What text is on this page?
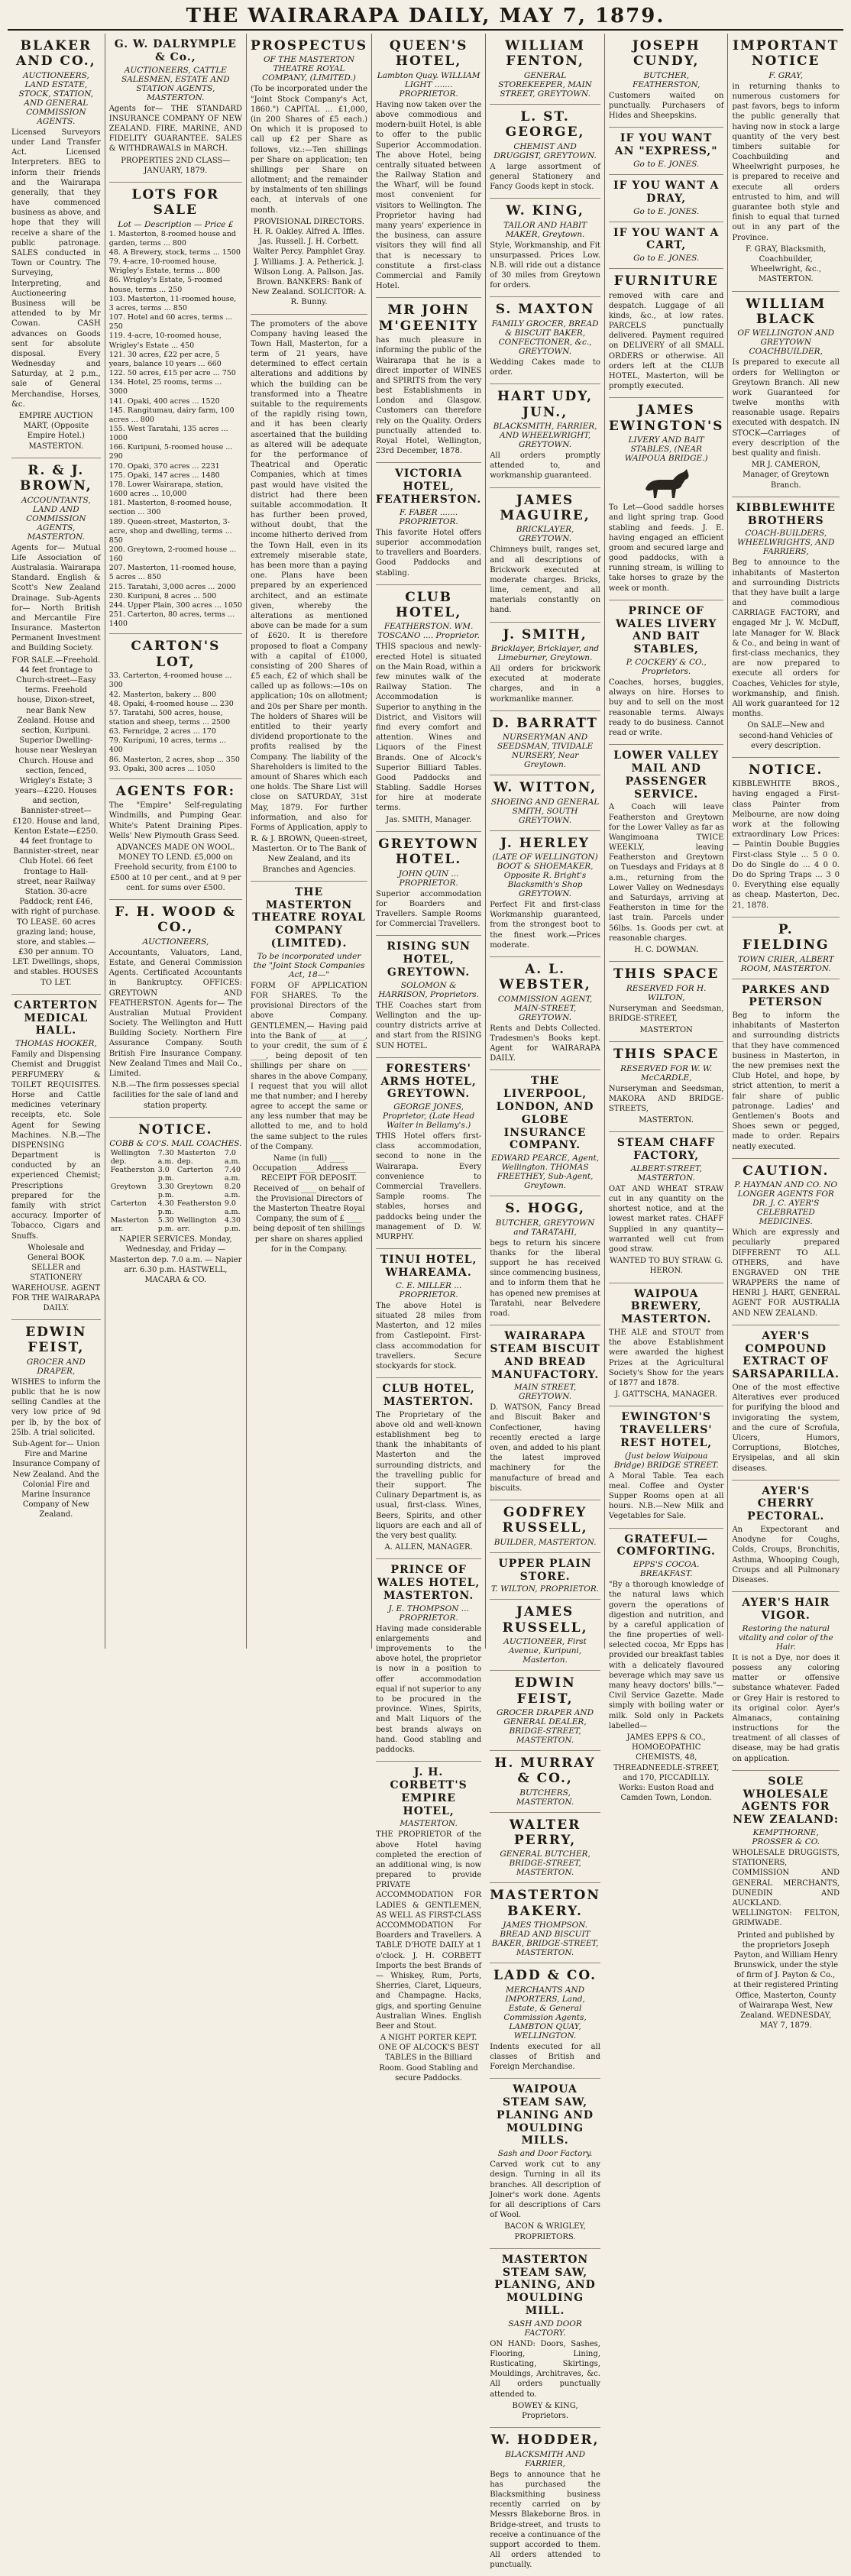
THE WAIRARAPA DAILY, MAY 7, 1879.
BLAKER AND CO.,
AUCTIONEERS, LAND ESTATE, STOCK, STATION, AND GENERAL COMMISSION AGENTS.
Licensed Surveyors under Land Transfer Act. Licensed Interpreters. BEG to inform their friends and the Wairarapa generally, that they have commenced business as above, and hope that they will receive a share of the public patronage. SALES conducted in Town or Country. The Surveying, Interpreting, and Auctioneering Business will be attended to by Mr Cowan. CASH advances on Goods sent for absolute disposal. Every Wednesday and Saturday, at 2 p.m., sale of General Merchandise, Horses, &c.
EMPIRE AUCTION MART, (Opposite Empire Hotel.) MASTERTON.
R. & J. BROWN,
ACCOUNTANTS, LAND AND COMMISSION AGENTS, MASTERTON.
Agents for— Mutual Life Association of Australasia. Wairarapa Standard. English & Scott's New Zealand Drainage. Sub-Agents for— North British and Mercantile Fire Insurance. Masterton Permanent Investment and Building Society.
FOR SALE.—Freehold. 44 feet frontage to Church-street—Easy terms. Freehold house, Dixon-street, near Bank New Zealand. House and section, Kuripuni. Superior Dwelling-house near Wesleyan Church. House and section, fenced, Wrigley's Estate; 3 years—£220. Houses and section, Bannister-street—£120. House and land, Kenton Estate—£250. 44 feet frontage to Bannister-street, near Club Hotel. 66 feet frontage to Hall-street, near Railway Station. 30-acre Paddock; rent £46, with right of purchase. TO LEASE. 60 acres grazing land; house, store, and stables.—£30 per annum. TO LET. Dwellings, shops, and stables. HOUSES TO LET.
CARTERTON MEDICAL HALL.
THOMAS HOOKER,
Family and Dispensing Chemist and Druggist PERFUMERY & TOILET REQUISITES. Horse and Cattle medicines veterinary receipts, etc. Sole Agent for Sewing Machines. N.B.—The DISPENSING Department is conducted by an experienced Chemist; Prescriptions prepared for the family with strict accuracy. Importer of Tobacco, Cigars and Snuffs.
Wholesale and General BOOK SELLER and STATIONERY WAREHOUSE. AGENT FOR THE WAIRARAPA DAILY.
EDWIN FEIST,
GROCER AND DRAPER,
WISHES to inform the public that he is now selling Candles at the very low price of 9d per lb, by the box of 25lb. A trial solicited.
Sub-Agent for— Union Fire and Marine Insurance Company of New Zealand. And the Colonial Fire and Marine Insurance Company of New Zealand.
G. W. DALRYMPLE & Co.,
AUCTIONEERS, CATTLE SALESMEN, ESTATE AND STATION AGENTS, MASTERTON.
Agents for— THE STANDARD INSURANCE COMPANY OF NEW ZEALAND. FIRE, MARINE, AND FIDELITY GUARANTEE. SALES & WITHDRAWALS in MARCH.
PROPERTIES 2ND CLASS—JANUARY, 1879.
LOTS FOR SALE
Lot — Description — Price £
1. Masterton, 8-roomed house and garden, terms ... 800
48. A Brewery, stock, terms ... 1500
79. 4-acre, 10-roomed house, Wrigley's Estate, terms ... 800
86. Wrigley's Estate, 5-roomed house, terms ... 250
103. Masterton, 11-roomed house, 3 acres, terms ... 850
107. Hotel and 60 acres, terms ... 250
119. 4-acre, 10-roomed house, Wrigley's Estate ... 450
121. 30 acres, £22 per acre, 5 years, balance 10 years ... 660
122. 50 acres, £15 per acre ... 750
134. Hotel, 25 rooms, terms ... 3000
141. Opaki, 400 acres ... 1520
145. Rangitumau, dairy farm, 100 acres ... 800
155. West Taratahi, 135 acres ... 1000
166. Kuripuni, 5-roomed house ... 290
170. Opaki, 370 acres ... 2231
175. Opaki, 147 acres ... 1480
178. Lower Wairarapa, station, 1600 acres ... 10,000
181. Masterton, 8-roomed house, section ... 300
189. Queen-street, Masterton, 3-acre, shop and dwelling, terms ... 850
200. Greytown, 2-roomed house ... 160
207. Masterton, 11-roomed house, 5 acres ... 850
215. Taratahi, 3,000 acres ... 2000
230. Kuripuni, 8 acres ... 500
244. Upper Plain, 300 acres ... 1050
251. Carterton, 80 acres, terms ... 1400
CARTON'S LOT,
33. Carterton, 4-roomed house ... 300
42. Masterton, bakery ... 800
48. Opaki, 4-roomed house ... 230
57. Taratahi, 500 acres, house, station and sheep, terms ... 2500
63. Fernridge, 2 acres ... 170
79. Kuripuni, 10 acres, terms ... 400
86. Masterton, 2 acres, shop ... 350
93. Opaki, 300 acres ... 1050
AGENTS FOR:
The "Empire" Self-regulating Windmills, and Pumping Gear. White's Patent Draining Pipes. Wells' New Plymouth Grass Seed.
ADVANCES MADE ON WOOL. MONEY TO LEND. £5,000 on Freehold security, from £100 to £500 at 10 per cent., and at 9 per cent. for sums over £500.
F. H. WOOD & CO.,
AUCTIONEERS,
Accountants, Valuators, Land, Estate, and General Commission Agents. Certificated Accountants in Bankruptcy. OFFICES: GREYTOWN AND FEATHERSTON. Agents for— The Australian Mutual Provident Society. The Wellington and Hutt Building Society. Northern Fire Assurance Company. South British Fire Insurance Company. New Zealand Times and Mail Co., Limited.
N.B.—The firm possesses special facilities for the sale of land and station property.
NOTICE.
COBB & CO'S. MAIL COACHES.
Wellington dep.	7.30 a.m.	Masterton dep.	7.0 a.m.
Featherston	3.0 p.m.	Carterton	7.40 a.m.
Greytown	3.30 p.m.	Greytown	8.20 a.m.
Carterton	4.30 p.m.	Featherston	9.0 a.m.
Masterton arr.	5.30 p.m.	Wellington arr.	4.30 p.m.
NAPIER SERVICES. Monday, Wednesday, and Friday — Masterton dep. 7.0 a.m. — Napier arr. 6.30 p.m. HASTWELL, MACARA & CO.
PROSPECTUS
OF THE MASTERTON THEATRE ROYAL COMPANY, (LIMITED.)
(To be incorporated under the "Joint Stock Company's Act, 1860.") CAPITAL ... £1,000, (in 200 Shares of £5 each.) On which it is proposed to call up £2 per Share as follows, viz.:—Ten shillings per Share on application; ten shillings per Share on allotment; and the remainder by instalments of ten shillings each, at intervals of one month.
PROVISIONAL DIRECTORS. H. R. Oakley. Alfred A. Iffles. Jas. Russell. J. H. Corbett. Walter Percy. Pamphlet Gray. J. Williams. J. A. Petherick. J. Wilson Long. A. Pallson. Jas. Brown. BANKERS: Bank of New Zealand. SOLICITOR: A. R. Bunny.
The promoters of the above Company having leased the Town Hall, Masterton, for a term of 21 years, have determined to effect certain alterations and additions by which the building can be transformed into a Theatre suitable to the requirements of the rapidly rising town, and it has been clearly ascertained that the building as altered will be adequate for the performance of Theatrical and Operatic Companies, which at times past would have visited the district had there been suitable accommodation. It has further been proved, without doubt, that the income hitherto derived from the Town Hall, even in its extremely miserable state, has been more than a paying one. Plans have been prepared by an experienced architect, and an estimate given, whereby the alterations as mentioned above can be made for a sum of £620. It is therefore proposed to float a Company with a capital of £1000, consisting of 200 Shares of £5 each, £2 of which shall be called up as follows:—10s on application; 10s on allotment; and 20s per Share per month. The holders of Shares will be entitled to their yearly dividend proportionate to the profits realised by the Company. The liability of the Shareholders is limited to the amount of Shares which each one holds. The Share List will close on SATURDAY, 31st May, 1879. For further information, and also for Forms of Application, apply to
R. & J. BROWN, Queen-street, Masterton. Or to The Bank of New Zealand, and its Branches and Agencies.
THE MASTERTON THEATRE ROYAL COMPANY (LIMITED).
To be incorporated under the "Joint Stock Companies Act, 18—"
FORM OF APPLICATION FOR SHARES. To the provisional Directors of the above Company. GENTLEMEN,— Having paid into the Bank of ____ at ____, to your credit, the sum of £ ____, being deposit of ten shillings per share on ____ shares in the above Company, I request that you will allot me that number; and I hereby agree to accept the same or any less number that may be allotted to me, and to hold the same subject to the rules of the Company.
Name (in full) ____ Occupation ____ Address ____ RECEIPT FOR DEPOSIT. Received of ____ on behalf of the Provisional Directors of the Masterton Theatre Royal Company, the sum of £ ____ being deposit of ten shillings per share on shares applied for in the Company.
QUEEN'S HOTEL,
Lambton Quay. WILLIAM LIGHT ....... PROPRIETOR.
Having now taken over the above commodious and modern-built Hotel, is able to offer to the public Superior Accommodation. The above Hotel, being centrally situated between the Railway Station and the Wharf, will be found most convenient for visitors to Wellington. The Proprietor having had many years' experience in the business, can assure visitors they will find all that is necessary to constitute a first-class Commercial and Family Hotel.
MR JOHN M'GEENITY
has much pleasure in informing the public of the Wairarapa that he is a direct importer of WINES and SPIRITS from the very best Establishments in London and Glasgow. Customers can therefore rely on the Quality. Orders punctually attended to. Royal Hotel, Wellington, 23rd December, 1878.
VICTORIA HOTEL, FEATHERSTON.
F. FABER ....... PROPRIETOR.
This favorite Hotel offers superior accommodation to travellers and Boarders. Good Paddocks and stabling.
CLUB HOTEL,
FEATHERSTON. WM. TOSCANO .... Proprietor.
THIS spacious and newly-erected Hotel is situated on the Main Road, within a few minutes walk of the Railway Station. The Accommodation is Superior to anything in the District, and Visitors will find every comfort and attention. Wines and Liquors of the Finest Brands. One of Alcock's Superior Billiard Tables. Good Paddocks and Stabling. Saddle Horses for hire at moderate terms.
Jas. SMITH, Manager.
GREYTOWN HOTEL.
JOHN QUIN ... PROPRIETOR.
Superior accommodation for Boarders and Travellers. Sample Rooms for Commercial Travellers.
RISING SUN HOTEL, GREYTOWN.
SOLOMON & HARRISON, Proprietors.
THE Coaches start from Wellington and the up-country districts arrive at and start from the RISING SUN HOTEL.
FORESTERS' ARMS HOTEL, GREYTOWN.
GEORGE JONES, Proprietor, (Late Head Waiter in Bellamy's.)
THIS Hotel offers first-class accommodation, second to none in the Wairarapa. Every convenience to Commercial Travellers. Sample rooms. The stables, horses and paddocks being under the management of D. W. MURPHY.
TINUI HOTEL, WHAREAMA.
C. E. MILLER ... PROPRIETOR.
The above Hotel is situated 28 miles from Masterton, and 12 miles from Castlepoint. First-class accommodation for travellers. Secure stockyards for stock.
CLUB HOTEL, MASTERTON.
The Proprietary of the above old and well-known establishment beg to thank the inhabitants of Masterton and the surrounding districts, and the travelling public for their support. The Culinary Department is, as usual, first-class. Wines, Beers, Spirits, and other liquors are each and all of the very best quality.
A. ALLEN, MANAGER.
PRINCE OF WALES HOTEL, MASTERTON.
J. E. THOMPSON ... PROPRIETOR.
Having made considerable enlargements and improvements to the above hotel, the proprietor is now in a position to offer accommodation equal if not superior to any to be procured in the province. Wines, Spirits, and Malt Liquors of the best brands always on hand. Good stabling and paddocks.
J. H. CORBETT'S EMPIRE HOTEL,
MASTERTON.
THE PROPRIETOR of the above Hotel having completed the erection of an additional wing, is now prepared to provide PRIVATE ACCOMMODATION FOR LADIES & GENTLEMEN, AS WELL AS FIRST-CLASS ACCOMMODATION For Boarders and Travellers. A TABLE D'HOTE DAILY at 1 o'clock. J. H. CORBETT Imports the best Brands of— Whiskey, Rum, Ports, Sherries, Claret, Liqueurs, and Champagne. Hacks, gigs, and sporting Genuine Australian Wines. English Beer and Stout.
A NIGHT PORTER KEPT. ONE OF ALCOCK'S BEST TABLES in the Billiard Room. Good Stabling and secure Paddocks.
WILLIAM FENTON,
GENERAL STOREKEEPER, MAIN STREET, GREYTOWN.
L. ST. GEORGE,
CHEMIST AND DRUGGIST, GREYTOWN.
A large assortment of general Stationery and Fancy Goods kept in stock.
W. KING,
TAILOR AND HABIT MAKER, Greytown.
Style, Workmanship, and Fit unsurpassed. Prices Low. N.B. will ride out a distance of 30 miles from Greytown for orders.
S. MAXTON
FAMILY GROCER, BREAD & BISCUIT BAKER, CONFECTIONER, &c., GREYTOWN.
Wedding Cakes made to order.
HART UDY, JUN.,
BLACKSMITH, FARRIER, AND WHEELWRIGHT, GREYTOWN.
All orders promptly attended to, and workmanship guaranteed.
JAMES MAGUIRE,
BRICKLAYER, GREYTOWN.
Chimneys built, ranges set, and all descriptions of Brickwork executed at moderate charges. Bricks, lime, cement, and all materials constantly on hand.
J. SMITH,
Bricklayer, Bricklayer, and Limeburner, Greytown.
All orders for brickwork executed at moderate charges, and in a workmanlike manner.
D. BARRATT
NURSERYMAN AND SEEDSMAN, TIVIDALE NURSERY, Near Greytown.
W. WITTON,
SHOEING AND GENERAL SMITH, SOUTH GREYTOWN.
J. HERLEY
(LATE OF WELLINGTON) BOOT & SHOEMAKER, Opposite R. Bright's Blacksmith's Shop GREYTOWN.
Perfect Fit and first-class Workmanship guaranteed, from the strongest boot to the finest work.—Prices moderate.
A. L. WEBSTER,
COMMISSION AGENT, MAIN-STREET, GREYTOWN.
Rents and Debts Collected. Tradesmen's Books kept. Agent for WAIRARAPA DAILY.
THE LIVERPOOL, LONDON, AND GLOBE INSURANCE COMPANY.
EDWARD PEARCE, Agent, Wellington. THOMAS FREETHEY, Sub-Agent, Greytown.
S. HOGG,
BUTCHER, GREYTOWN and TARATAHI,
begs to return his sincere thanks for the liberal support he has received since commencing business, and to inform them that he has opened new premises at Taratahi, near Belvedere road.
WAIRARAPA STEAM BISCUIT AND BREAD MANUFACTORY.
MAIN STREET, GREYTOWN.
D. WATSON, Fancy Bread and Biscuit Baker and Confectioner, having recently erected a large oven, and added to his plant the latest improved machinery for the manufacture of bread and biscuits.
GODFREY RUSSELL,
BUILDER, MASTERTON.
UPPER PLAIN STORE.
T. WILTON, PROPRIETOR.
JAMES RUSSELL,
AUCTIONEER, First Avenue, Kuripuni, Masterton.
EDWIN FEIST,
GROCER DRAPER AND GENERAL DEALER, BRIDGE-STREET, MASTERTON.
H. MURRAY & CO.,
BUTCHERS, MASTERTON.
WALTER PERRY,
GENERAL BUTCHER, BRIDGE-STREET, MASTERTON.
MASTERTON BAKERY.
JAMES THOMPSON. BREAD AND BISCUIT BAKER, BRIDGE-STREET, MASTERTON.
LADD & CO.
MERCHANTS AND IMPORTERS, Land, Estate, & General Commission Agents, LAMBTON QUAY, WELLINGTON.
Indents executed for all classes of British and Foreign Merchandise.
WAIPOUA STEAM SAW, PLANING AND MOULDING MILLS.
Sash and Door Factory.
Carved work cut to any design. Turning in all its branches. All description of Joiner's work done. Agents for all descriptions of Cars of Wool.
BACON & WRIGLEY, PROPRIETORS.
MASTERTON STEAM SAW, PLANING, AND MOULDING MILL.
SASH AND DOOR FACTORY.
ON HAND: Doors, Sashes, Flooring, Lining, Rusticating, Skirtings, Mouldings, Architraves, &c. All orders punctually attended to.
BOWEY & KING, Proprietors.
W. HODDER,
BLACKSMITH AND FARRIER,
Begs to announce that he has purchased the Blacksmithing business recently carried on by Messrs Blakeborne Bros. in Bridge-street, and trusts to receive a continuance of the support accorded to them. All orders attended to punctually.
JOSEPH CUNDY,
BUTCHER, FEATHERSTON,
Customers waited on punctually. Purchasers of Hides and Sheepskins.
IF YOU WANT AN "EXPRESS,"
Go to E. JONES.
IF YOU WANT A DRAY,
Go to E. JONES.
IF YOU WANT A CART,
Go to E. JONES.
FURNITURE
removed with care and despatch. Luggage of all kinds, &c., at low rates. PARCELS punctually delivered. Payment required on DELIVERY of all SMALL ORDERS or otherwise. All orders left at the CLUB HOTEL, Masterton, will be promptly executed.
JAMES EWINGTON'S
LIVERY AND BAIT STABLES, (NEAR WAIPOUA BRIDGE.)
To Let—Good saddle horses and light spring trap. Good stabling and feeds. J. E. having engaged an efficient groom and secured large and good paddocks, with a running stream, is willing to take horses to graze by the week or month.
PRINCE OF WALES LIVERY AND BAIT STABLES,
P. COCKERY & CO., Proprietors.
Coaches, horses, buggies, always on hire. Horses to buy and to sell on the most reasonable terms. Always ready to do business. Cannot read or write.
LOWER VALLEY MAIL AND PASSENGER SERVICE.
A Coach will leave Featherston and Greytown for the Lower Valley as far as Wangimoana TWICE WEEKLY, leaving Featherston and Greytown on Tuesdays and Fridays at 8 a.m., returning from the Lower Valley on Wednesdays and Saturdays, arriving at Featherston in time for the last train. Parcels under 56lbs. 1s. Goods per cwt. at reasonable charges.
H. C. DOWMAN.
THIS SPACE
RESERVED FOR H. WILTON,
Nurseryman and Seedsman, BRIDGE-STREET,
MASTERTON
THIS SPACE
RESERVED FOR W. W. McCARDLE,
Nurseryman and Seedsman, MAKORA AND BRIDGE-STREETS,
MASTERTON.
STEAM CHAFF FACTORY,
ALBERT-STREET, MASTERTON.
OAT AND WHEAT STRAW cut in any quantity on the shortest notice, and at the lowest market rates. CHAFF Supplied in any quantity—warranted well cut from good straw.
WANTED TO BUY STRAW. G. HERON.
WAIPOUA BREWERY, MASTERTON.
THE ALE and STOUT from the above Establishment were awarded the highest Prizes at the Agricultural Society's Show for the years of 1877 and 1878.
J. GATTSCHA, MANAGER.
EWINGTON'S TRAVELLERS' REST HOTEL,
(Just below Waipoua Bridge) BRIDGE STREET.
A Moral Table. Tea each meal. Coffee and Oyster Supper Rooms open at all hours. N.B.—New Milk and Vegetables for Sale.
GRATEFUL—COMFORTING.
EPPS'S COCOA. BREAKFAST.
"By a thorough knowledge of the natural laws which govern the operations of digestion and nutrition, and by a careful application of the fine properties of well-selected cocoa, Mr Epps has provided our breakfast tables with a delicately flavoured beverage which may save us many heavy doctors' bills."—Civil Service Gazette. Made simply with boiling water or milk. Sold only in Packets labelled—
JAMES EPPS & CO., HOMOEOPATHIC CHEMISTS, 48, THREADNEEDLE-STREET, and 170, PICCADILLY. Works: Euston Road and Camden Town, London.
IMPORTANT NOTICE
F. GRAY,
in returning thanks to numerous customers for past favors, begs to inform the public generally that having now in stock a large quantity of the very best timbers suitable for Coachbuilding and Wheelwright purposes, he is prepared to receive and execute all orders entrusted to him, and will guarantee both style and finish to equal that turned out in any part of the Province.
F. GRAY, Blacksmith, Coachbuilder, Wheelwright, &c., MASTERTON.
WILLIAM BLACK
OF WELLINGTON AND GREYTOWN COACHBUILDER,
Is prepared to execute all orders for Wellington or Greytown Branch. All new work Guaranteed for twelve months with reasonable usage. Repairs executed with despatch. IN STOCK—Carriages of every description of the best quality and finish.
MR J. CAMERON, Manager, of Greytown Branch.
KIBBLEWHITE BROTHERS
COACH-BUILDERS, WHEELWRIGHTS, AND FARRIERS,
Beg to announce to the inhabitants of Masterton and surrounding Districts that they have built a large and commodious CARRIAGE FACTORY, and engaged Mr J. W. McDuff, late Manager for W. Black & Co., and being in want of first-class mechanics, they are now prepared to execute all orders for Coaches, Vehicles for style, workmanship, and finish. All work guaranteed for 12 months.
On SALE—New and second-hand Vehicles of every description.
NOTICE.
KIBBLEWHITE BROS., having engaged a First-class Painter from Melbourne, are now doing work at the following extraordinary Low Prices:— Paintin Double Buggies First-class Style ... 5 0 0. Do do Single do ... 4 0 0. Do do Spring Traps ... 3 0 0. Everything else equally as cheap. Masterton, Dec. 21, 1878.
P. FIELDING
TOWN CRIER, ALBERT ROOM, MASTERTON.
PARKES AND PETERSON
Beg to inform the inhabitants of Masterton and surrounding districts that they have commenced business in Masterton, in the new premises next the Club Hotel, and hope, by strict attention, to merit a fair share of public patronage. Ladies' and Gentlemen's Boots and Shoes sewn or pegged, made to order. Repairs neatly executed.
CAUTION.
P. HAYMAN AND CO. NO LONGER AGENTS FOR DR. J. C. AYER'S CELEBRATED MEDICINES.
Which are expressly and peculiarly prepared DIFFERENT TO ALL OTHERS, and have ENGRAVED ON THE WRAPPERS the name of HENRI J. HART, GENERAL AGENT FOR AUSTRALIA AND NEW ZEALAND.
AYER'S COMPOUND EXTRACT OF SARSAPARILLA.
One of the most effective Alteratives ever produced for purifying the blood and invigorating the system, and the cure of Scrofula, Ulcers, Humors, Corruptions, Blotches, Erysipelas, and all skin diseases.
AYER'S CHERRY PECTORAL.
An Expectorant and Anodyne for Coughs, Colds, Croups, Bronchitis, Asthma, Whooping Cough, Croups and all Pulmonary Diseases.
AYER'S HAIR VIGOR.
Restoring the natural vitality and color of the Hair.
It is not a Dye, nor does it possess any coloring matter or offensive substance whatever. Faded or Grey Hair is restored to its original color. Ayer's Almanacs, containing instructions for the treatment of all classes of disease, may be had gratis on application.
SOLE WHOLESALE AGENTS FOR NEW ZEALAND:
KEMPTHORNE, PROSSER & CO.
WHOLESALE DRUGGISTS, STATIONERS, COMMISSION AND GENERAL MERCHANTS, DUNEDIN AND AUCKLAND. WELLINGTON: FELTON, GRIMWADE.
Printed and published by the proprietors Joseph Payton, and William Henry Brunswick, under the style of firm of J. Payton & Co., at their registered Printing Office, Masterton, County of Wairarapa West, New Zealand. WEDNESDAY, MAY 7, 1879.
